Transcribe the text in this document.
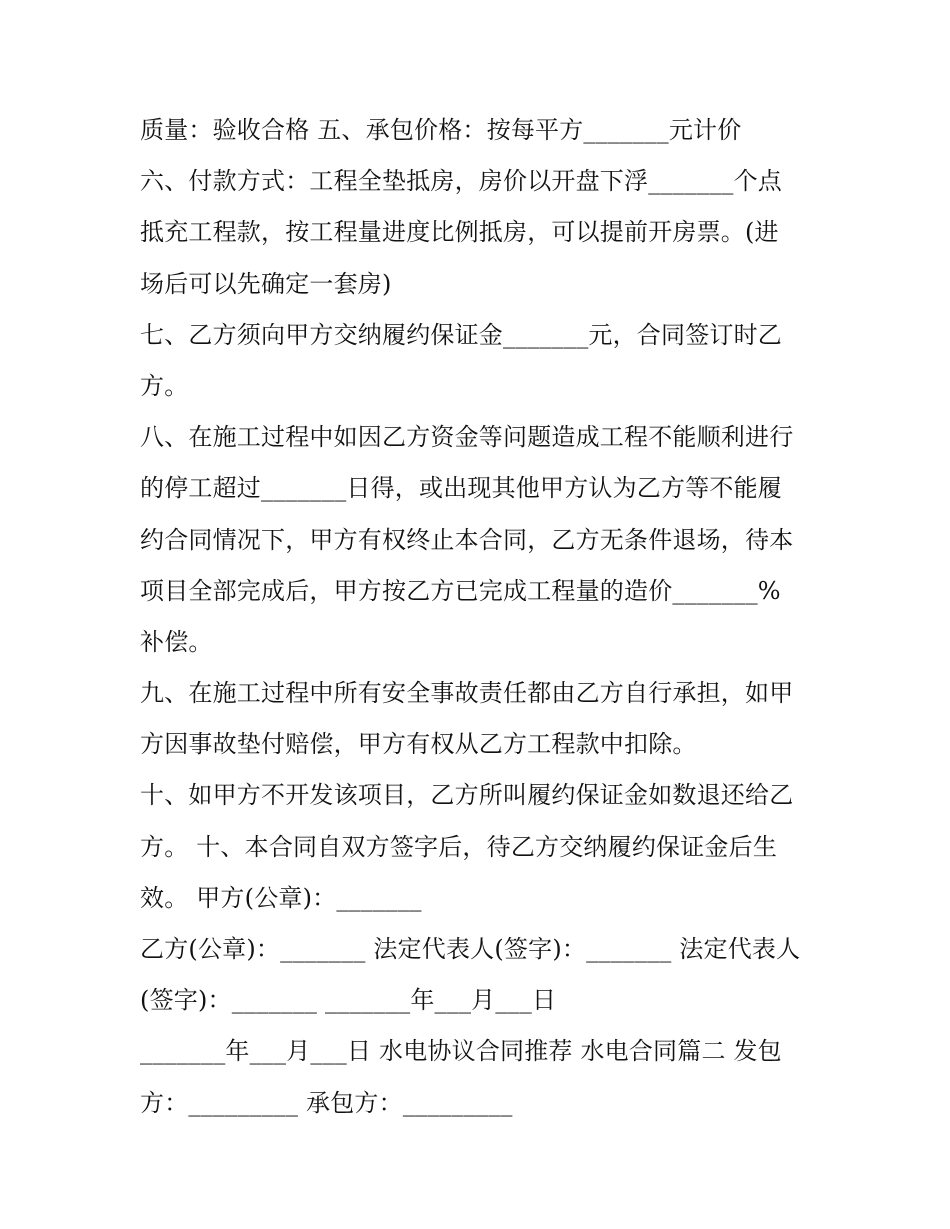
质量：验收合格 五、承包价格：按每平方_______元计价
六、付款方式：工程全垫抵房，房价以开盘下浮_______个点
抵充工程款，按工程量进度比例抵房，可以提前开房票。(进
场后可以先确定一套房)
七、乙方须向甲方交纳履约保证金_______元，合同签订时乙
方。
八、在施工过程中如因乙方资金等问题造成工程不能顺利进行
的停工超过_______日得，或出现其他甲方认为乙方等不能履
约合同情况下，甲方有权终止本合同，乙方无条件退场，待本
项目全部完成后，甲方按乙方已完成工程量的造价_______%
补偿。
九、在施工过程中所有安全事故责任都由乙方自行承担，如甲
方因事故垫付赔偿，甲方有权从乙方工程款中扣除。
十、如甲方不开发该项目，乙方所叫履约保证金如数退还给乙
方。 十、本合同自双方签字后，待乙方交纳履约保证金后生
效。 甲方(公章)：_______
乙方(公章)：_______ 法定代表人(签字)：_______ 法定代表人
(签字)：_______ _______年___月___日
_______年___月___日 水电协议合同推荐 水电合同篇二 发包
方：_________ 承包方：_________
